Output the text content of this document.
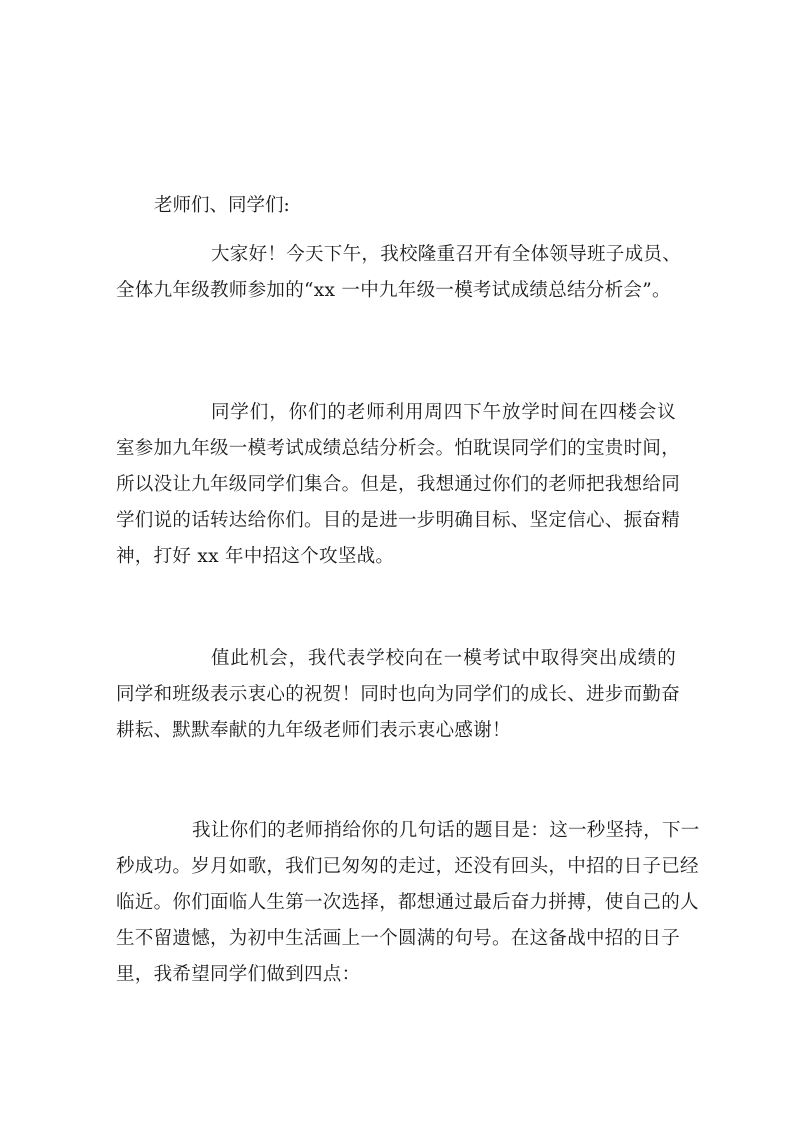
老师们、同学们:

大家好！今天下午，我校隆重召开有全体领导班子成员、
全体九年级教师参加的“xx 一中九年级一模考试成绩总结分析会”。

同学们，你们的老师利用周四下午放学时间在四楼会议
室参加九年级一模考试成绩总结分析会。怕耽误同学们的宝贵时间，
所以没让九年级同学们集合。但是，我想通过你们的老师把我想给同
学们说的话转达给你们。目的是进一步明确目标、坚定信心、振奋精
神，打好 xx 年中招这个攻坚战。

值此机会，我代表学校向在一模考试中取得突出成绩的
同学和班级表示衷心的祝贺！同时也向为同学们的成长、进步而勤奋
耕耘、默默奉献的九年级老师们表示衷心感谢！

我让你们的老师捎给你的几句话的题目是：这一秒坚持，下一
秒成功。岁月如歌，我们已匆匆的走过，还没有回头，中招的日子已经
临近。你们面临人生第一次选择，都想通过最后奋力拼搏，使自己的人
生不留遗憾，为初中生活画上一个圆满的句号。在这备战中招的日子
里，我希望同学们做到四点：
